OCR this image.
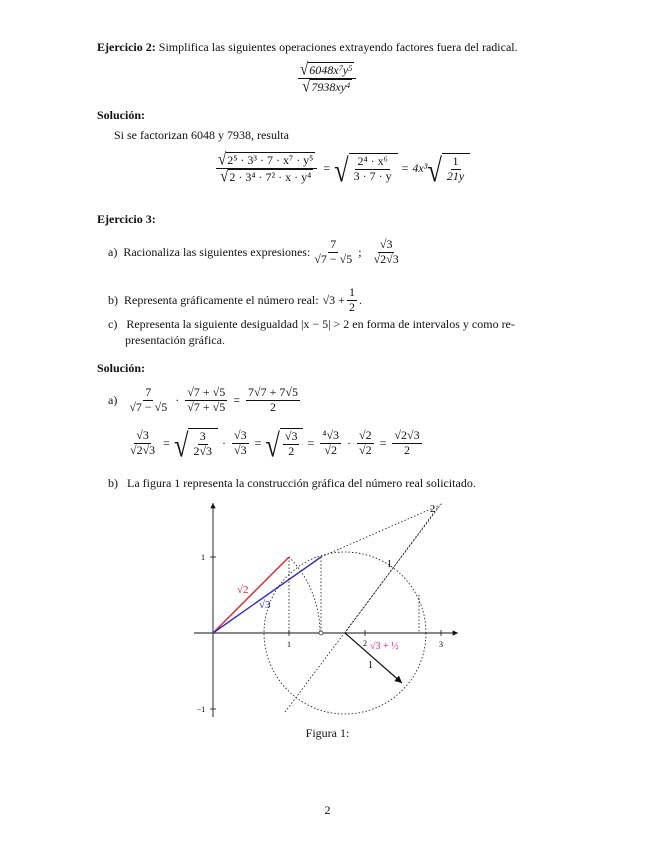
Ejercicio 2: Simplifica las siguientes operaciones extrayendo factores fuera del radical.
$\frac{√ 6048x^7y^5}{√ 7938xy^4}$
Solución:
Si se factorizan 6048 y 7938, resulta
$\frac{\text{√ 2⁵ · 3³ · 7 · x⁷ · y⁵}}{\text{√ 2 · 3⁴ · 7² · x · y⁴}}$ = √ $\frac{\text{2⁴ · x⁶}}{3 \cdot 7 \cdot y} = 4x^3$ √ $\frac{1}{21y}$
Ejercicio 3:
a) Racionaliza las siguientes expresiones: $\frac{7}{√7 - √5}$ ; $\frac{√3}{√2√3}$
b) Representa gráficamente el número real: $√3 + \frac{1}{2}$ .
c) Representa la siguiente desigualdad |x − 5| > 2 en forma de intervalos y como re-
presentación gráfica.
Solución:
$a) \frac{7}{√7 - √5} \cdot \frac{√7 + √5}{√7 + √5} = \frac{7√7 + 7√5}{2}$
$\frac{√3}{√2√3}$ = √ $\frac{3}{2√3} \cdot \frac{√3}{√3}$ = √ $\frac{√3}{2} = \frac{\text{⁴√3}}{√2} \cdot \frac{√2}{√2} = \frac{√2√3}{2}$
b) La figura 1 representa la construcción gráfica del número real solicitado.
1	2	3
1
−1
√2
√3
1
1
2
√3 + ½
Figura 1:
2
